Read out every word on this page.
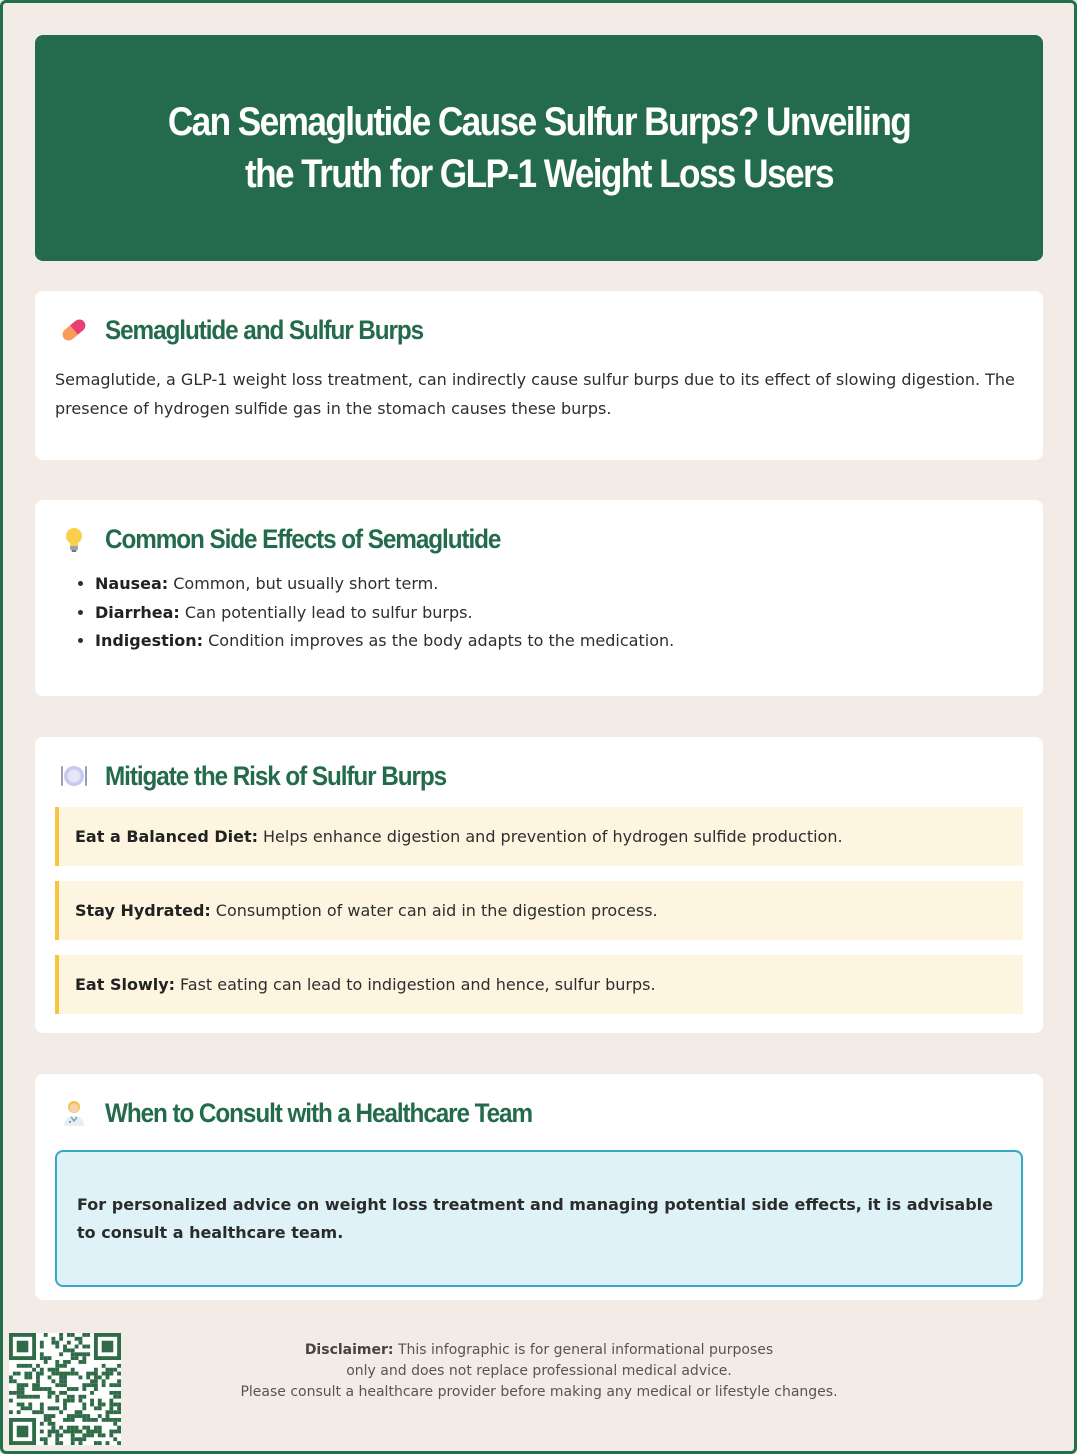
Can Semaglutide Cause Sulfur Burps? Unveiling the Truth for GLP-1 Weight Loss Users
Semaglutide and Sulfur Burps

Semaglutide, a GLP-1 weight loss treatment, can indirectly cause sulfur burps due to its effect of slowing digestion. The presence of hydrogen sulfide gas in the stomach causes these burps.

Common Side Effects of Semaglutide
• Nausea: Common, but usually short term.
• Diarrhea: Can potentially lead to sulfur burps.
• Indigestion: Condition improves as the body adapts to the medication.
Mitigate the Risk of Sulfur Burps
Eat a Balanced Diet: Helps enhance digestion and prevention of hydrogen sulfide production.
Stay Hydrated: Consumption of water can aid in the digestion process.
Eat Slowly: Fast eating can lead to indigestion and hence, sulfur burps.
When to Consult with a Healthcare Team

For personalized advice on weight loss treatment and managing potential side effects, it is advisable to consult a healthcare team.

Disclaimer: This infographic is for general informational purposes
only and does not replace professional medical advice.
Please consult a healthcare provider before making any medical or lifestyle changes.
